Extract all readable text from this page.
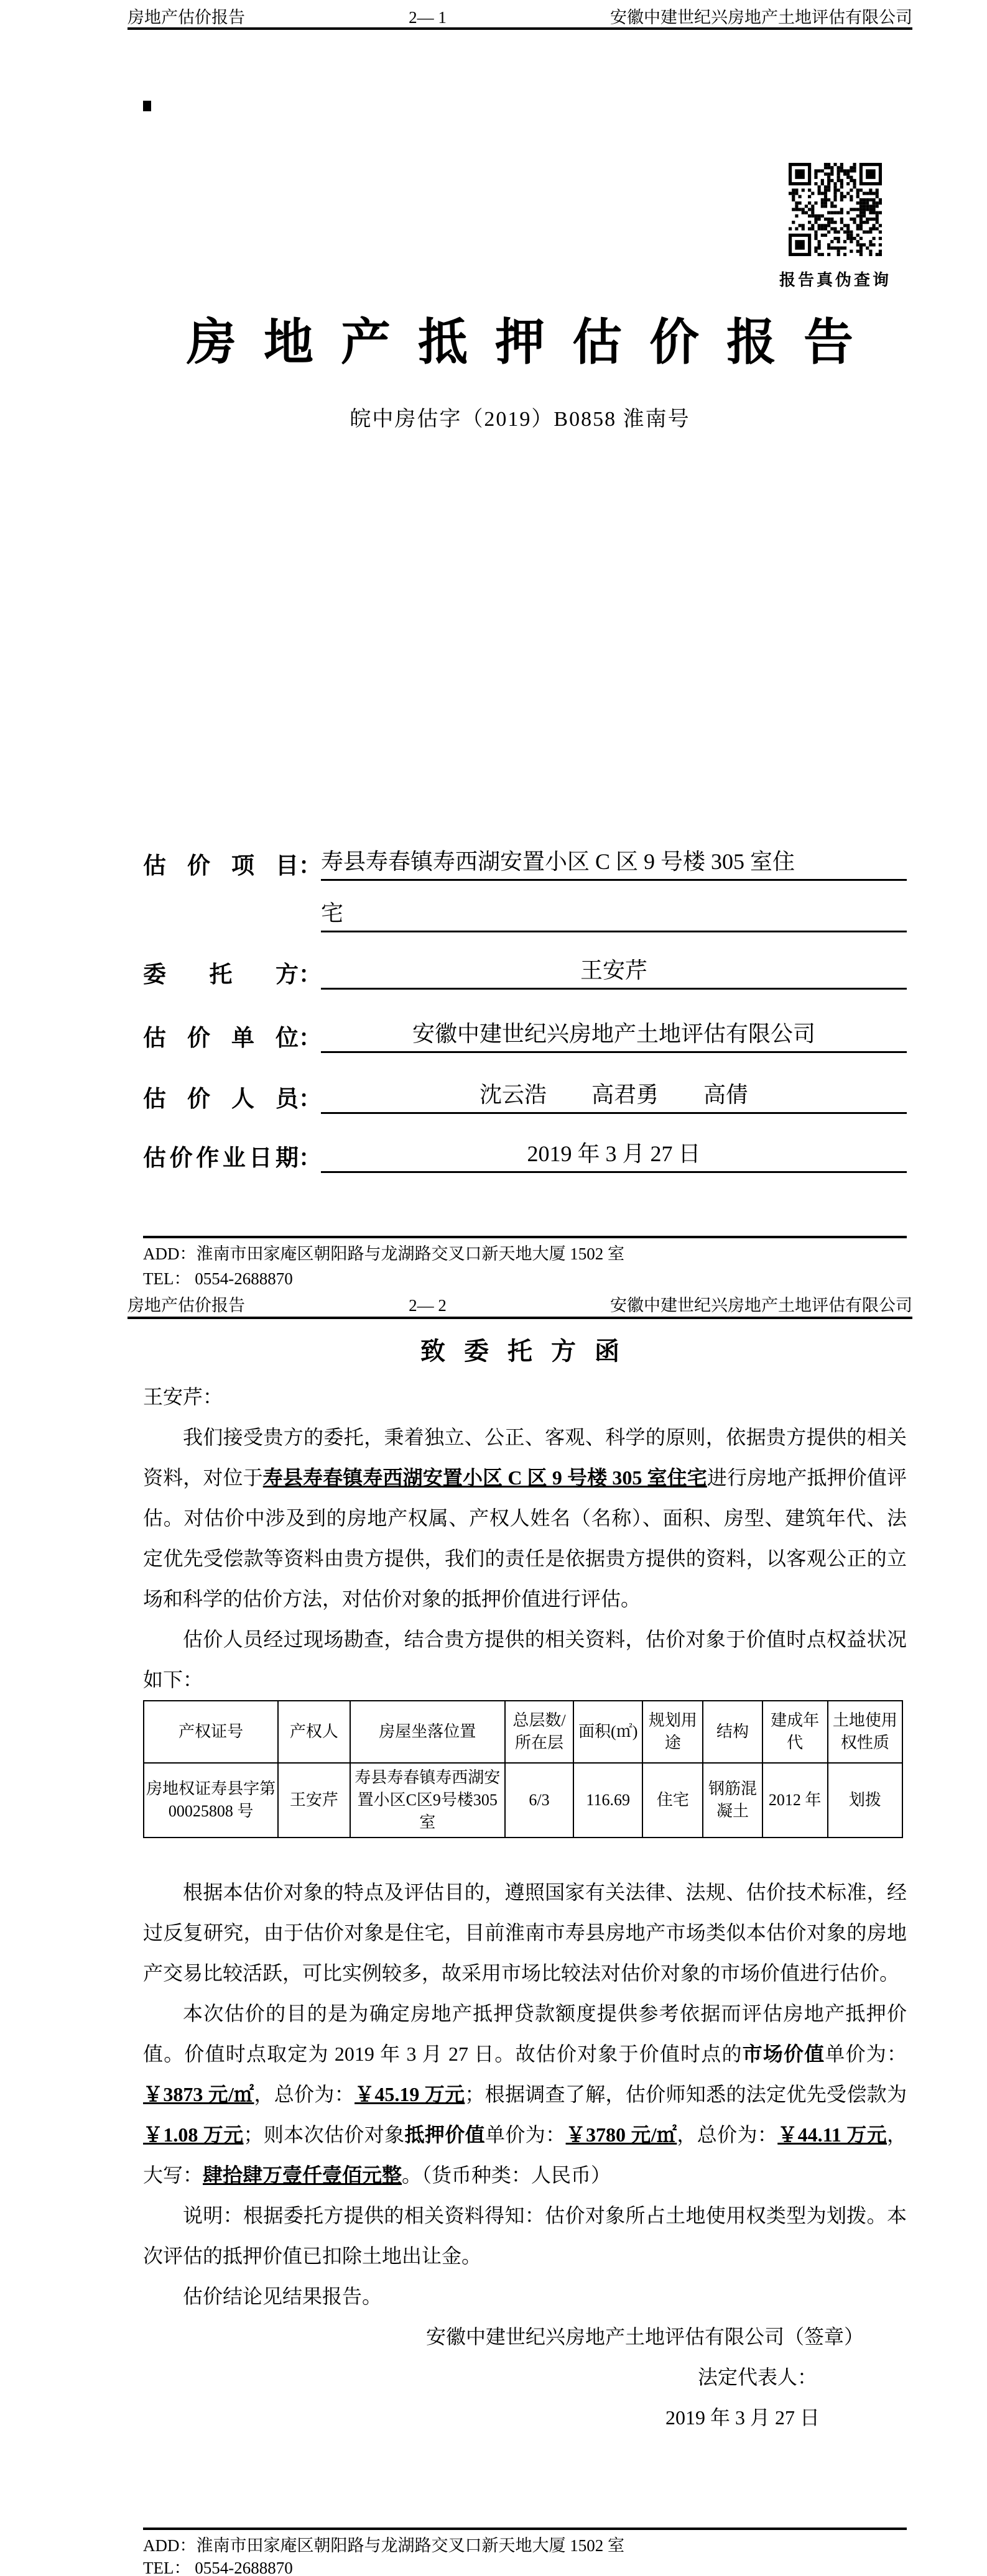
房地产估价报告	2— 1	安徽中建世纪兴房地产土地评估有限公司
报告真伪查询
房地产抵押估价报告
皖中房估字（2019）B0858 淮南号
估价项目 ： 寿县寿春镇寿西湖安置小区 C 区 9 号楼 305 室住
宅
委托方 ：	王安芹
估价单位 ：	安徽中建世纪兴房地产土地评估有限公司
估价人员 ：	沈云浩　　高君勇　　高倩
估价作业日期 ：	2019 年 3 月 27 日
ADD：淮南市田家庵区朝阳路与龙湖路交叉口新天地大厦 1502 室
TEL： 0554-2688870
房地产估价报告	2— 2	安徽中建世纪兴房地产土地评估有限公司
致委托方函
王安芹：

我们接受贵方的委托，秉着独立、公正、客观、科学的原则，依据贵方提供的相关资料，对位于寿县寿春镇寿西湖安置小区 C 区 9 号楼 305 室住宅进行房地产抵押价值评估。对估价中涉及到的房地产权属、产权人姓名（名称）、面积、房型、建筑年代、法定优先受偿款等资料由贵方提供，我们的责任是依据贵方提供的资料，以客观公正的立场和科学的估价方法，对估价对象的抵押价值进行评估。

估价人员经过现场勘查，结合贵方提供的相关资料，估价对象于价值时点权益状况如下：

产权证号	产权人	房屋坐落位置	总层数/所在层	面积(㎡)	规划用途	结构	建成年代	土地使用权性质
房地权证寿县字第00025808 号	王安芹	寿县寿春镇寿西湖安置小区C区9号楼305室	6/3	116.69	住宅	钢筋混凝土	2012 年	划拨

根据本估价对象的特点及评估目的，遵照国家有关法律、法规、估价技术标准，经过反复研究，由于估价对象是住宅，目前淮南市寿县房地产市场类似本估价对象的房地产交易比较活跃，可比实例较多，故采用市场比较法对估价对象的市场价值进行估价。

本次估价的目的是为确定房地产抵押贷款额度提供参考依据而评估房地产抵押价值。价值时点取定为 2019 年 3 月 27 日。故估价对象于价值时点的市场价值单价为：￥3873 元/㎡，总价为：￥45.19 万元；根据调查了解，估价师知悉的法定优先受偿款为￥1.08 万元；则本次估价对象抵押价值单价为：￥3780 元/㎡，总价为：￥44.11 万元，大写：肆拾肆万壹仟壹佰元整。（货币种类：人民币）

说明：根据委托方提供的相关资料得知：估价对象所占土地使用权类型为划拨。本次评估的抵押价值已扣除土地出让金。

估价结论见结果报告。

安徽中建世纪兴房地产土地评估有限公司（签章）
法定代表人：
2019 年 3 月 27 日
ADD：淮南市田家庵区朝阳路与龙湖路交叉口新天地大厦 1502 室
TEL： 0554-2688870
